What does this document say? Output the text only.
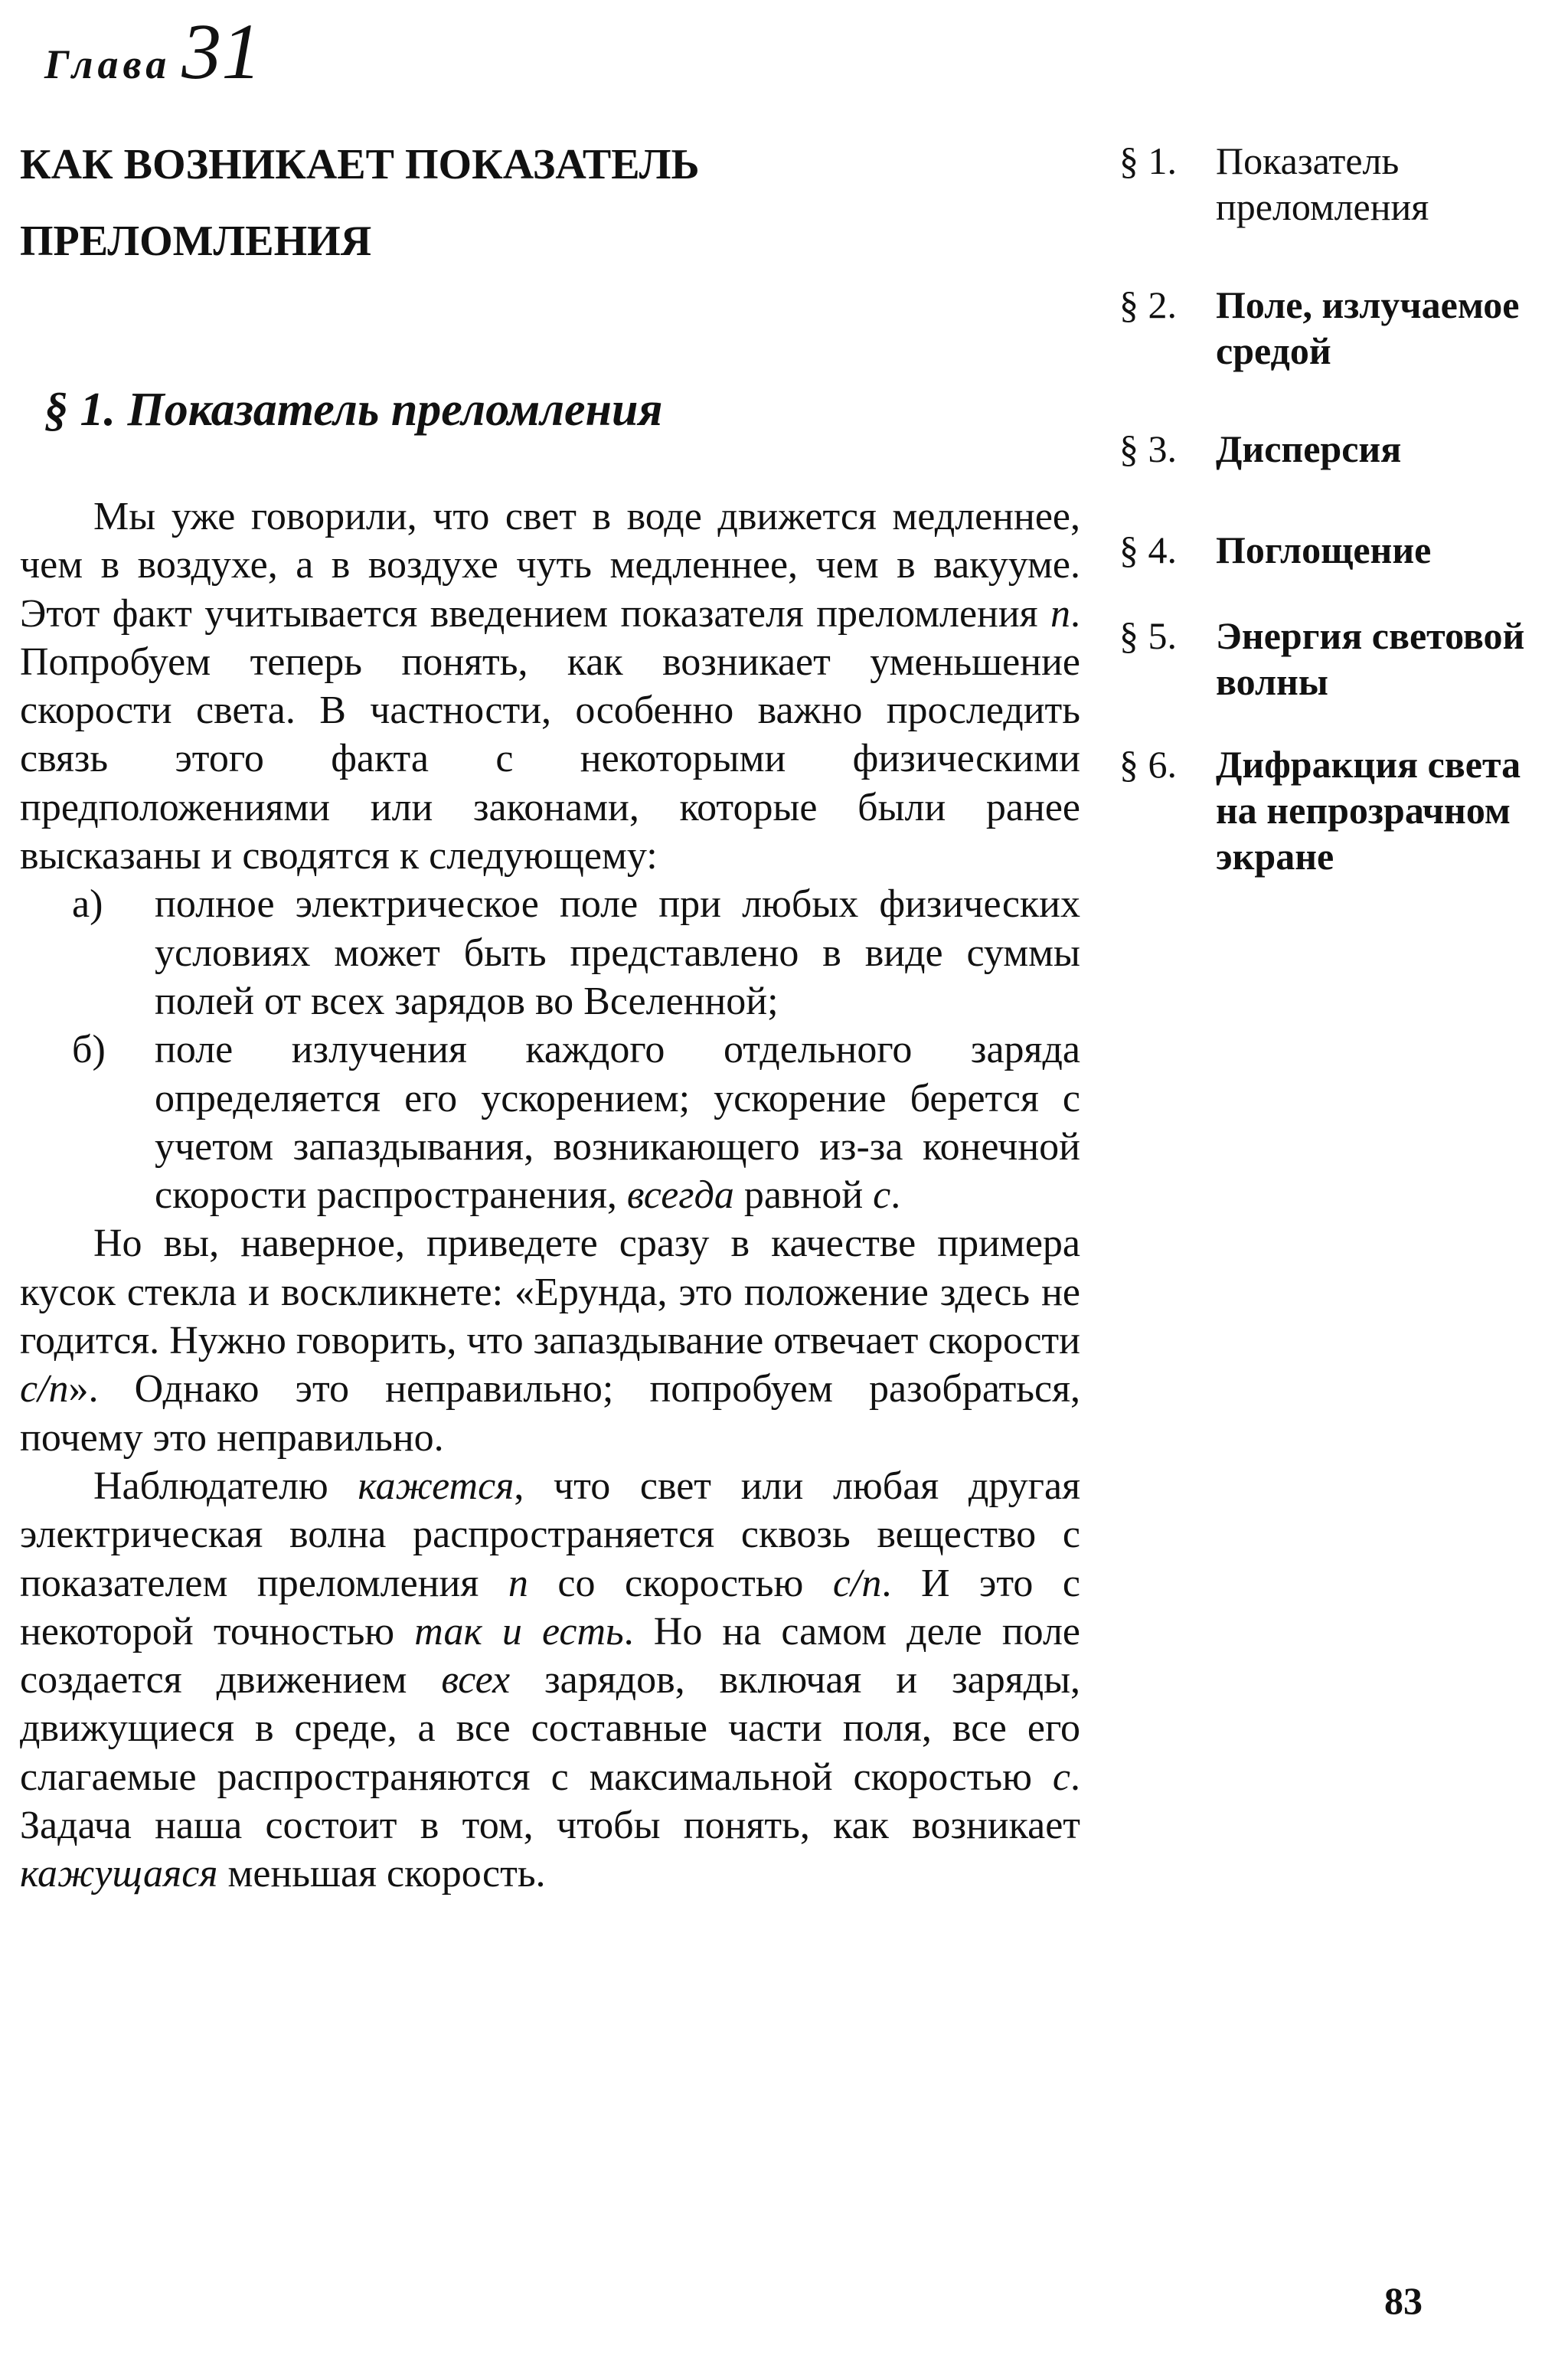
Глава 31
КАК ВОЗНИКАЕТ ПОКАЗАТЕЛЬ ПРЕЛОМЛЕНИЯ
§ 1.	Показатель преломления
§ 2.	Поле, излучаемое средой
§ 3.	Дисперсия
§ 4.	Поглощение
§ 5.	Энергия световой волны
§ 6.	Дифракция света на непрозрачном экране
§ 1. Показатель преломления

Мы уже говорили, что свет в воде движется медленнее, чем в воздухе, а в воздухе чуть медленнее, чем в вакууме. Этот факт учитывается введением показателя преломления n. Попробуем теперь понять, как возникает уменьшение скорости света. В частности, особенно важно проследить связь этого факта с некоторыми физическими предположениями или законами, которые были ранее высказаны и сводятся к следующему:

а) полное электрическое поле при любых физических условиях может быть представлено в виде суммы полей от всех зарядов во Вселенной;
б) поле излучения каждого отдельного заряда определяется его ускорением; ускорение берется с учетом запаздывания, возникающего из-за конечной скорости распространения, всегда равной c.

Но вы, наверное, приведете сразу в качестве примера кусок стекла и воскликнете: «Ерунда, это положение здесь не годится. Нужно говорить, что запаздывание отвечает скорости c/n». Однако это неправильно; попробуем разобраться, почему это неправильно.

Наблюдателю кажется, что свет или любая другая электрическая волна распространяется сквозь вещество с показателем преломления n со скоростью c/n. И это с некоторой точностью так и есть. Но на самом деле поле создается движением всех зарядов, включая и заряды, движущиеся в среде, а все составные части поля, все его слагаемые распространяются с максимальной скоростью c. Задача наша состоит в том, чтобы понять, как возникает кажущаяся меньшая скорость.

83
